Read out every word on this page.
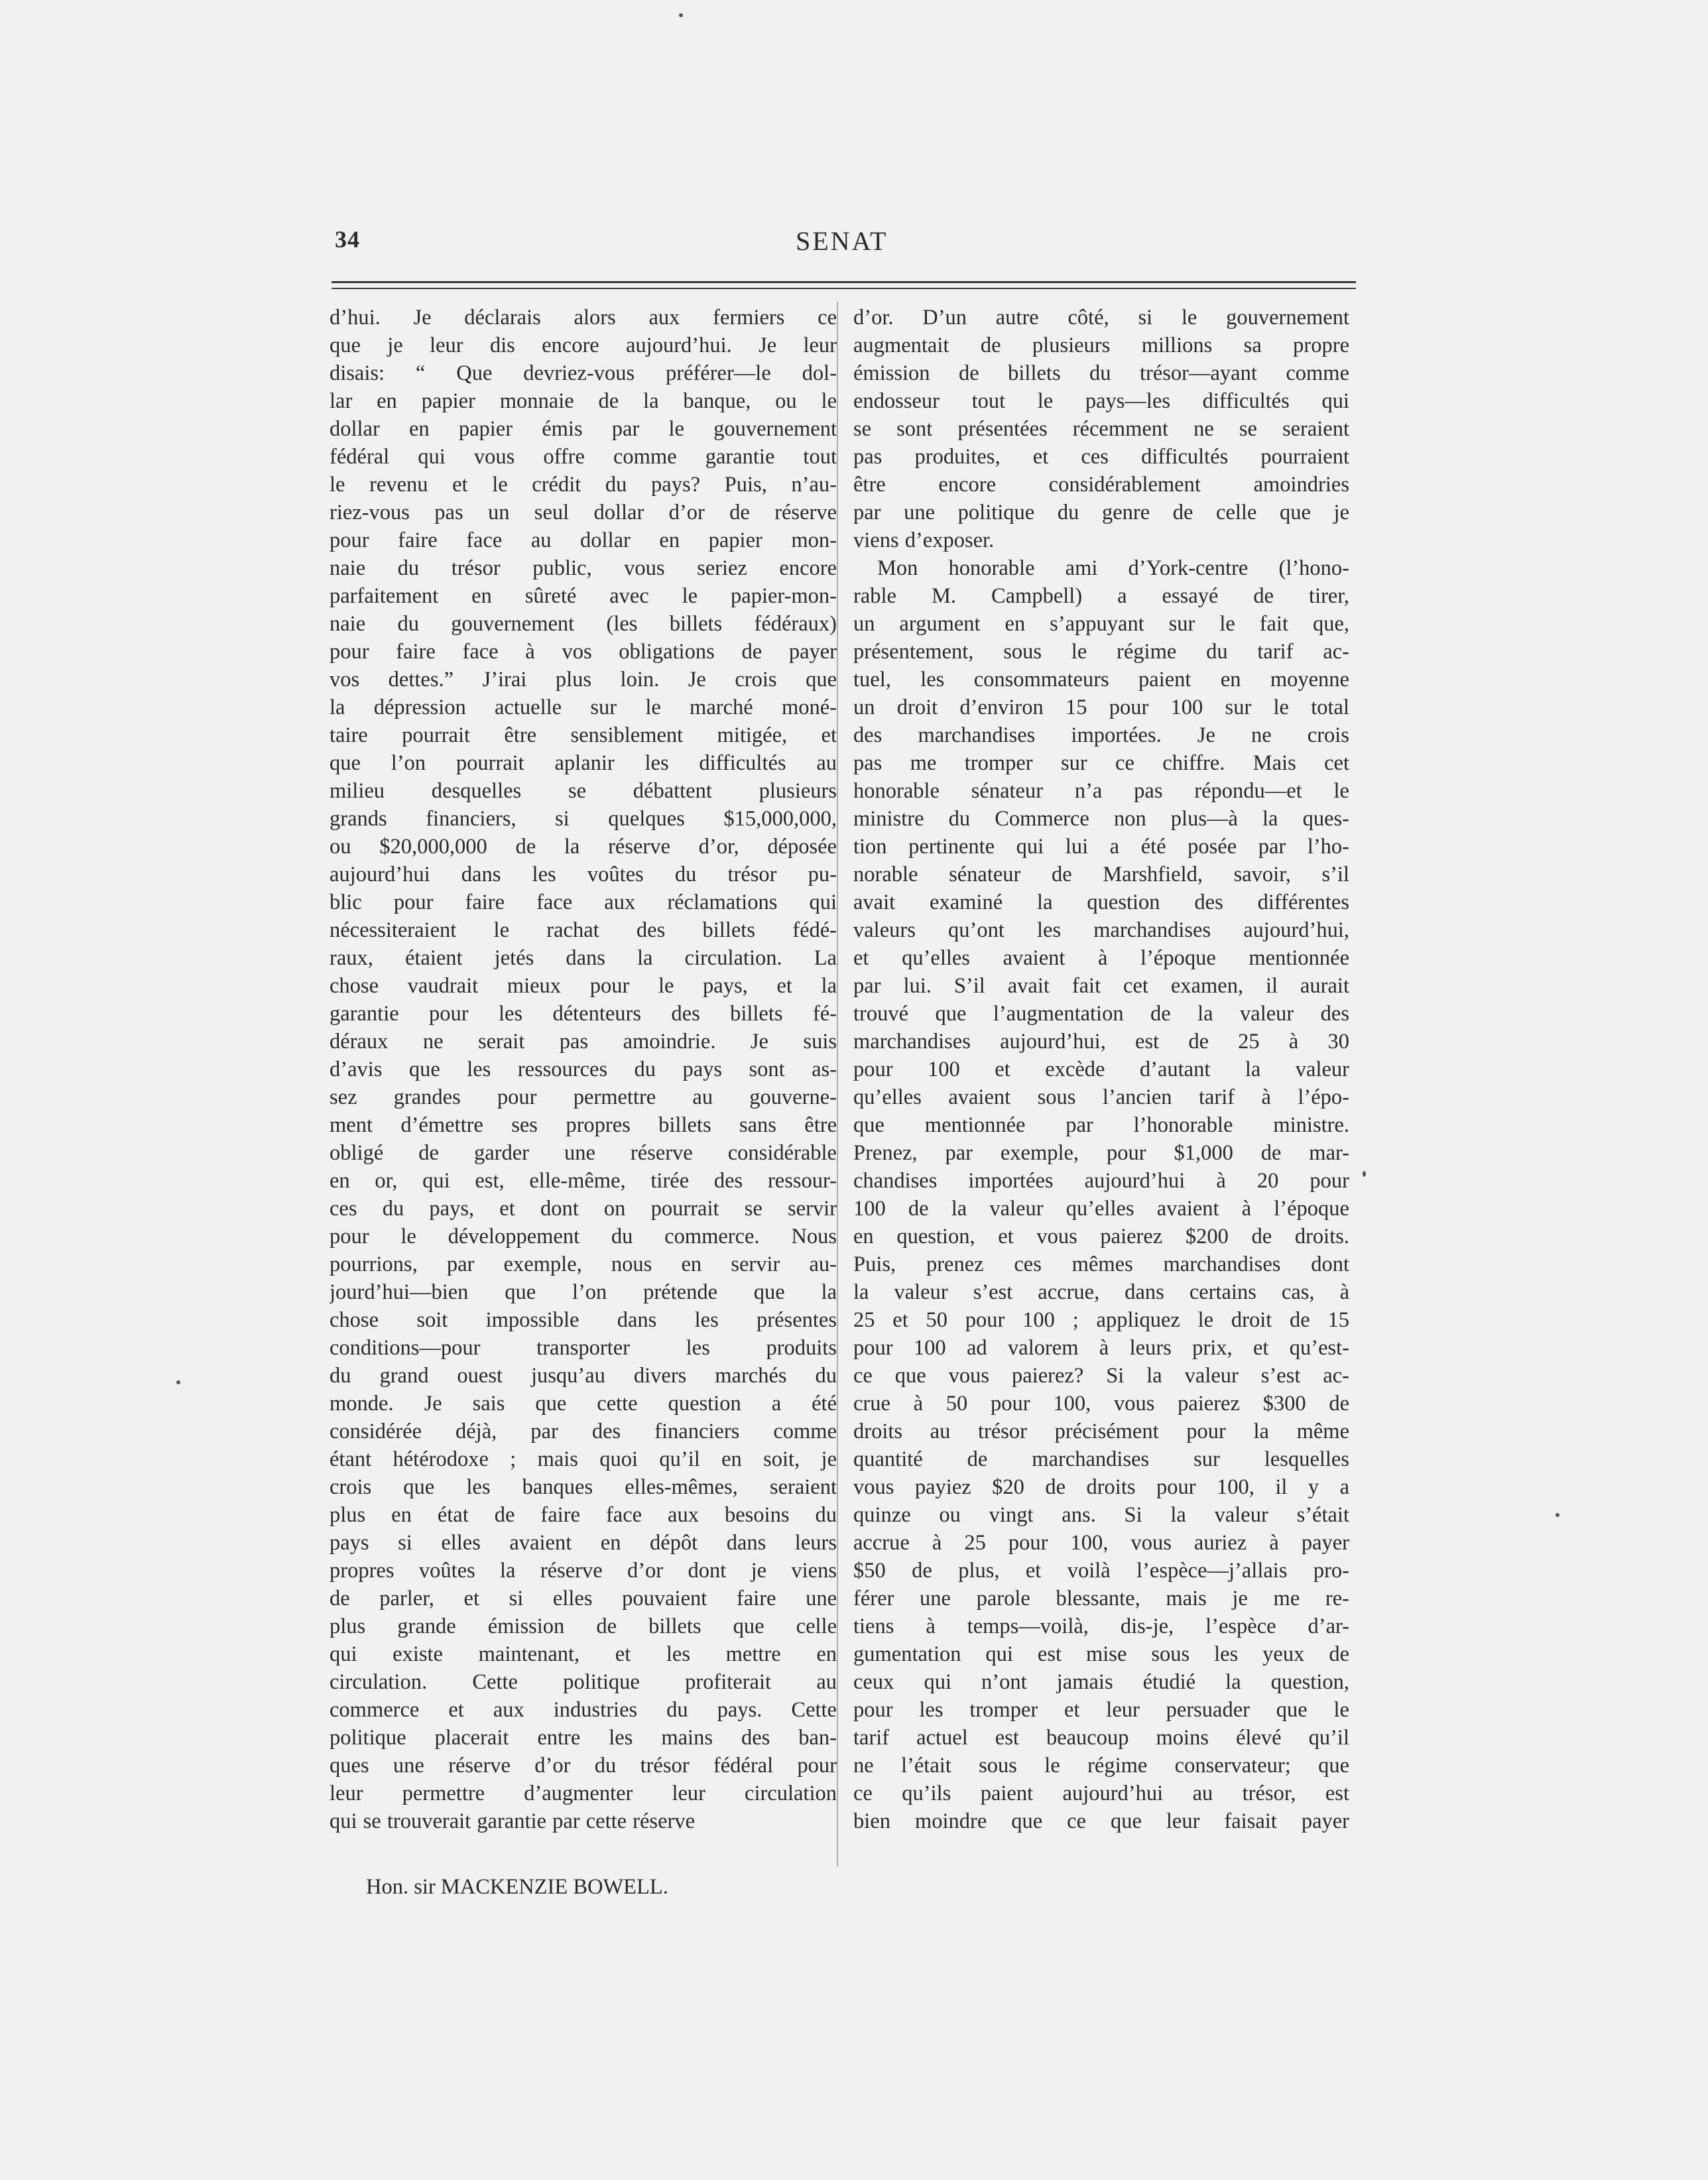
34	SENAT
d’hui. Je déclarais alors aux fermiers ce
que je leur dis encore aujourd’hui. Je leur
disais: “ Que devriez-vous préférer—le dol-
lar en papier monnaie de la banque, ou le
dollar en papier émis par le gouvernement
fédéral qui vous offre comme garantie tout
le revenu et le crédit du pays? Puis, n’au-
riez-vous pas un seul dollar d’or de réserve
pour faire face au dollar en papier mon-
naie du trésor public, vous seriez encore
parfaitement en sûreté avec le papier-mon-
naie du gouvernement (les billets fédéraux)
pour faire face à vos obligations de payer
vos dettes.” J’irai plus loin. Je crois que
la dépression actuelle sur le marché moné-
taire pourrait être sensiblement mitigée, et
que l’on pourrait aplanir les difficultés au
milieu desquelles se débattent plusieurs
grands financiers, si quelques $15,000,000,
ou $20,000,000 de la réserve d’or, déposée
aujourd’hui dans les voûtes du trésor pu-
blic pour faire face aux réclamations qui
nécessiteraient le rachat des billets fédé-
raux, étaient jetés dans la circulation. La
chose vaudrait mieux pour le pays, et la
garantie pour les détenteurs des billets fé-
déraux ne serait pas amoindrie. Je suis
d’avis que les ressources du pays sont as-
sez grandes pour permettre au gouverne-
ment d’émettre ses propres billets sans être
obligé de garder une réserve considérable
en or, qui est, elle-même, tirée des ressour-
ces du pays, et dont on pourrait se servir
pour le développement du commerce. Nous
pourrions, par exemple, nous en servir au-
jourd’hui—bien que l’on prétende que la
chose soit impossible dans les présentes
conditions—pour transporter les produits
du grand ouest jusqu’au divers marchés du
monde. Je sais que cette question a été
considérée déjà, par des financiers comme
étant hétérodoxe ; mais quoi qu’il en soit, je
crois que les banques elles-mêmes, seraient
plus en état de faire face aux besoins du
pays si elles avaient en dépôt dans leurs
propres voûtes la réserve d’or dont je viens
de parler, et si elles pouvaient faire une
plus grande émission de billets que celle
qui existe maintenant, et les mettre en
circulation. Cette politique profiterait au
commerce et aux industries du pays. Cette
politique placerait entre les mains des ban-
ques une réserve d’or du trésor fédéral pour
leur permettre d’augmenter leur circulation
qui se trouverait garantie par cette réserve
d’or. D’un autre côté, si le gouvernement
augmentait de plusieurs millions sa propre
émission de billets du trésor—ayant comme
endosseur tout le pays—les difficultés qui
se sont présentées récemment ne se seraient
pas produites, et ces difficultés pourraient
être encore considérablement amoindries
par une politique du genre de celle que je
viens d’exposer.
Mon honorable ami d’York-centre (l’hono-
rable M. Campbell) a essayé de tirer,
un argument en s’appuyant sur le fait que,
présentement, sous le régime du tarif ac-
tuel, les consommateurs paient en moyenne
un droit d’environ 15 pour 100 sur le total
des marchandises importées. Je ne crois
pas me tromper sur ce chiffre. Mais cet
honorable sénateur n’a pas répondu—et le
ministre du Commerce non plus—à la ques-
tion pertinente qui lui a été posée par l’ho-
norable sénateur de Marshfield, savoir, s’il
avait examiné la question des différentes
valeurs qu’ont les marchandises aujourd’hui,
et qu’elles avaient à l’époque mentionnée
par lui. S’il avait fait cet examen, il aurait
trouvé que l’augmentation de la valeur des
marchandises aujourd’hui, est de 25 à 30
pour 100 et excède d’autant la valeur
qu’elles avaient sous l’ancien tarif à l’épo-
que mentionnée par l’honorable ministre.
Prenez, par exemple, pour $1,000 de mar-
chandises importées aujourd’hui à 20 pour
100 de la valeur qu’elles avaient à l’époque
en question, et vous paierez $200 de droits.
Puis, prenez ces mêmes marchandises dont
la valeur s’est accrue, dans certains cas, à
25 et 50 pour 100 ; appliquez le droit de 15
pour 100 ad valorem à leurs prix, et qu’est-
ce que vous paierez? Si la valeur s’est ac-
crue à 50 pour 100, vous paierez $300 de
droits au trésor précisément pour la même
quantité de marchandises sur lesquelles
vous payiez $20 de droits pour 100, il y a
quinze ou vingt ans. Si la valeur s’était
accrue à 25 pour 100, vous auriez à payer
$50 de plus, et voilà l’espèce—j’allais pro-
férer une parole blessante, mais je me re-
tiens à temps—voilà, dis-je, l’espèce d’ar-
gumentation qui est mise sous les yeux de
ceux qui n’ont jamais étudié la question,
pour les tromper et leur persuader que le
tarif actuel est beaucoup moins élevé qu’il
ne l’était sous le régime conservateur; que
ce qu’ils paient aujourd’hui au trésor, est
bien moindre que ce que leur faisait payer
Hon. sir MACKENZIE BOWELL.
